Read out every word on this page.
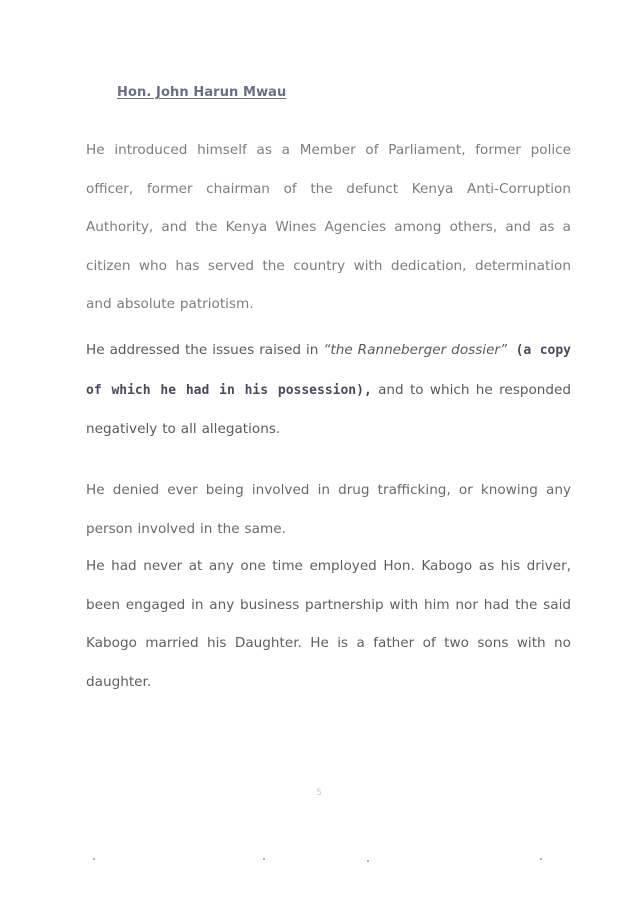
Hon. John Harun Mwau
He introduced himself as a Member of Parliament, former police officer, former chairman of the defunct Kenya Anti-Corruption Authority, and the Kenya Wines Agencies among others, and as a citizen who has served the country with dedication, determination and absolute patriotism.
He addressed the issues raised in “the Ranneberger dossier” (a copy of which he had in his possession), and to which he responded negatively to all allegations.
He denied ever being involved in drug trafficking, or knowing any person involved in the same.
He had never at any one time employed Hon. Kabogo as his driver, been engaged in any business partnership with him nor had the said Kabogo married his Daughter. He is a father of two sons with no daughter.
5
